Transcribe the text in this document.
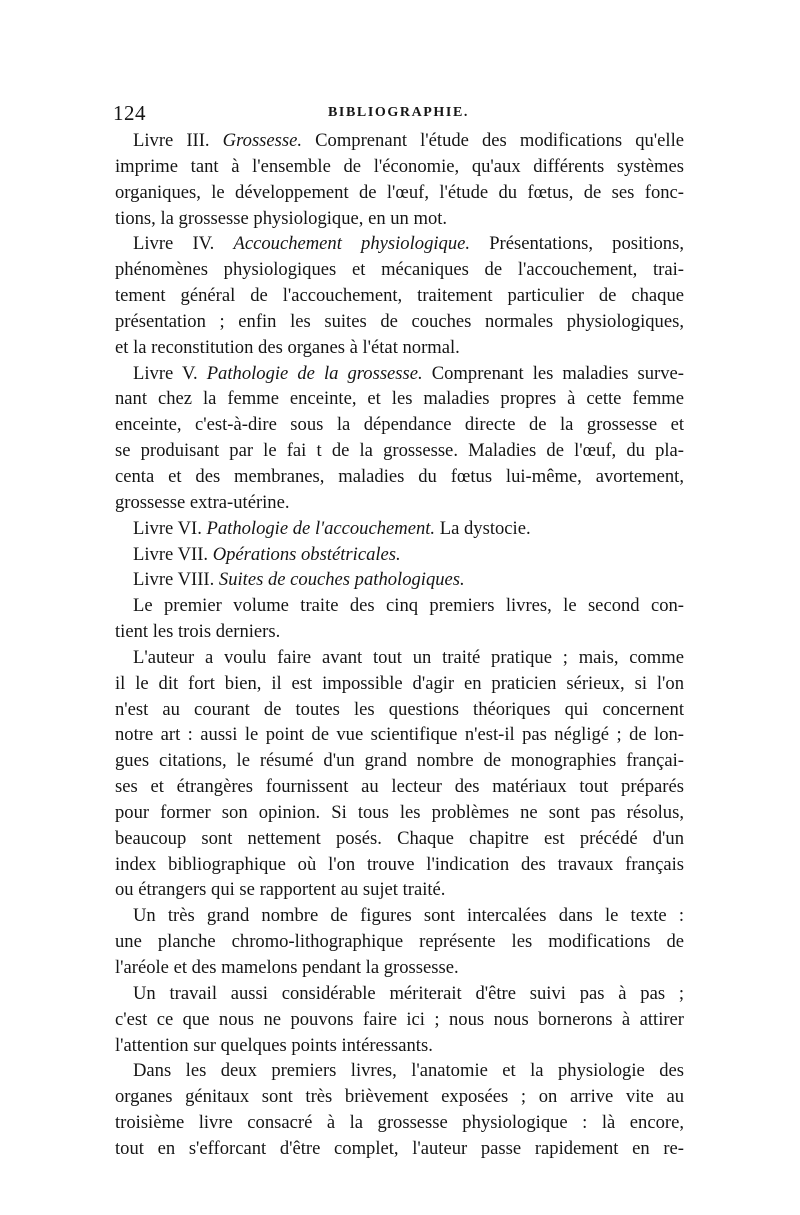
124	BIBLIOGRAPHIE.
Livre III. Grossesse. Comprenant l'étude des modifications qu'elle
imprime tant à l'ensemble de l'économie, qu'aux différents systèmes
organiques, le développement de l'œuf, l'étude du fœtus, de ses fonc-
tions, la grossesse physiologique, en un mot.
Livre IV. Accouchement physiologique. Présentations, positions,
phénomènes physiologiques et mécaniques de l'accouchement, trai-
tement général de l'accouchement, traitement particulier de chaque
présentation ; enfin les suites de couches normales physiologiques,
et la reconstitution des organes à l'état normal.
Livre V. Pathologie de la grossesse. Comprenant les maladies surve-
nant chez la femme enceinte, et les maladies propres à cette femme
enceinte, c'est-à-dire sous la dépendance directe de la grossesse et
se produisant par le fai t de la grossesse. Maladies de l'œuf, du pla-
centa et des membranes, maladies du fœtus lui-même, avortement,
grossesse extra-utérine.
Livre VI. Pathologie de l'accouchement. La dystocie.
Livre VII. Opérations obstétricales.
Livre VIII. Suites de couches pathologiques.
Le premier volume traite des cinq premiers livres, le second con-
tient les trois derniers.
L'auteur a voulu faire avant tout un traité pratique ; mais, comme
il le dit fort bien, il est impossible d'agir en praticien sérieux, si l'on
n'est au courant de toutes les questions théoriques qui concernent
notre art : aussi le point de vue scientifique n'est-il pas négligé ; de lon-
gues citations, le résumé d'un grand nombre de monographies françai-
ses et étrangères fournissent au lecteur des matériaux tout préparés
pour former son opinion. Si tous les problèmes ne sont pas résolus,
beaucoup sont nettement posés. Chaque chapitre est précédé d'un
index bibliographique où l'on trouve l'indication des travaux français
ou étrangers qui se rapportent au sujet traité.
Un très grand nombre de figures sont intercalées dans le texte :
une planche chromo-lithographique représente les modifications de
l'aréole et des mamelons pendant la grossesse.
Un travail aussi considérable mériterait d'être suivi pas à pas ;
c'est ce que nous ne pouvons faire ici ; nous nous bornerons à attirer
l'attention sur quelques points intéressants.
Dans les deux premiers livres, l'anatomie et la physiologie des
organes génitaux sont très brièvement exposées ; on arrive vite au
troisième livre consacré à la grossesse physiologique : là encore,
tout en s'efforcant d'être complet, l'auteur passe rapidement en re-
